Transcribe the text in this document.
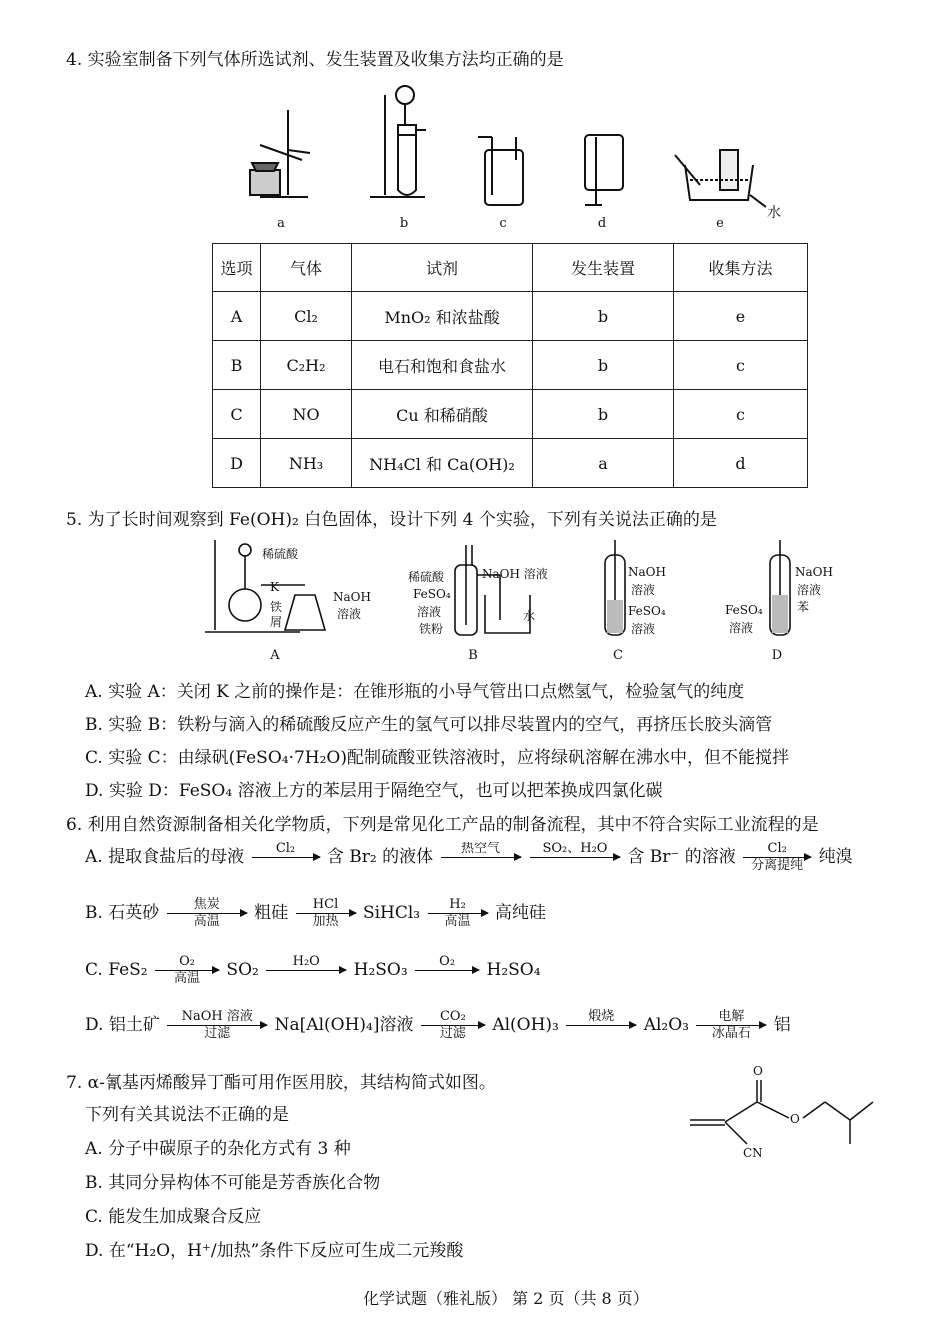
4. 实验室制备下列气体所选试剂、发生装置及收集方法均正确的是
a	b	c	d	e
水
选项	气体	试剂	发生装置	收集方法
A	Cl₂	MnO₂ 和浓盐酸	b	e
B	C₂H₂	电石和饱和食盐水	b	c
C	NO	Cu 和稀硝酸	b	c
D	NH₃	NH₄Cl 和 Ca(OH)₂	a	d
5. 为了长时间观察到 Fe(OH)₂ 白色固体，设计下列 4 个实验，下列有关说法正确的是
稀硫酸
K
铁
屑
NaOH
溶液
A
稀硫酸	NaOH 溶液
FeSO₄
溶液
铁粉
水
B
NaOH
溶液
FeSO₄
溶液
C
NaOH
溶液
苯
FeSO₄
溶液
D
A. 实验 A：关闭 K 之前的操作是：在锥形瓶的小导气管出口点燃氢气，检验氢气的纯度
B. 实验 B：铁粉与滴入的稀硫酸反应产生的氢气可以排尽装置内的空气，再挤压长胶头滴管
C. 实验 C：由绿矾(FeSO₄·7H₂O)配制硫酸亚铁溶液时，应将绿矾溶解在沸水中，但不能搅拌
D. 实验 D：FeSO₄ 溶液上方的苯层用于隔绝空气，也可以把苯换成四氯化碳
6. 利用自然资源制备相关化学物质，下列是常见化工产品的制备流程，其中不符合实际工业流程的是
A. 提取食盐后的母液	Cl₂
	含 Br₂ 的液体	热空气

	SO₂、H₂O
	含 Br⁻ 的溶液	Cl₂
分离提纯 纯溴
B. 石英砂	焦炭
高温	粗硅	HCl
加热	SiHCl₃	H₂
高温	高纯硅
C. FeS₂	O₂
高温	SO₂	H₂O
	H₂SO₃	O₂
	H₂SO₄
D. 铝土矿	NaOH 溶液
过滤	Na[Al(OH)₄]溶液	CO₂
过滤	Al(OH)₃	煅烧
	Al₂O₃	电解
冰晶石	铝
7. α-氰基丙烯酸异丁酯可用作医用胶，其结构简式如图。
下列有关其说法不正确的是
A. 分子中碳原子的杂化方式有 3 种
B. 其同分异构体不可能是芳香族化合物
C. 能发生加成聚合反应
D. 在“H₂O，H⁺/加热”条件下反应可生成二元羧酸
O
O
CN
化学试题（雅礼版） 第 2 页（共 8 页）
